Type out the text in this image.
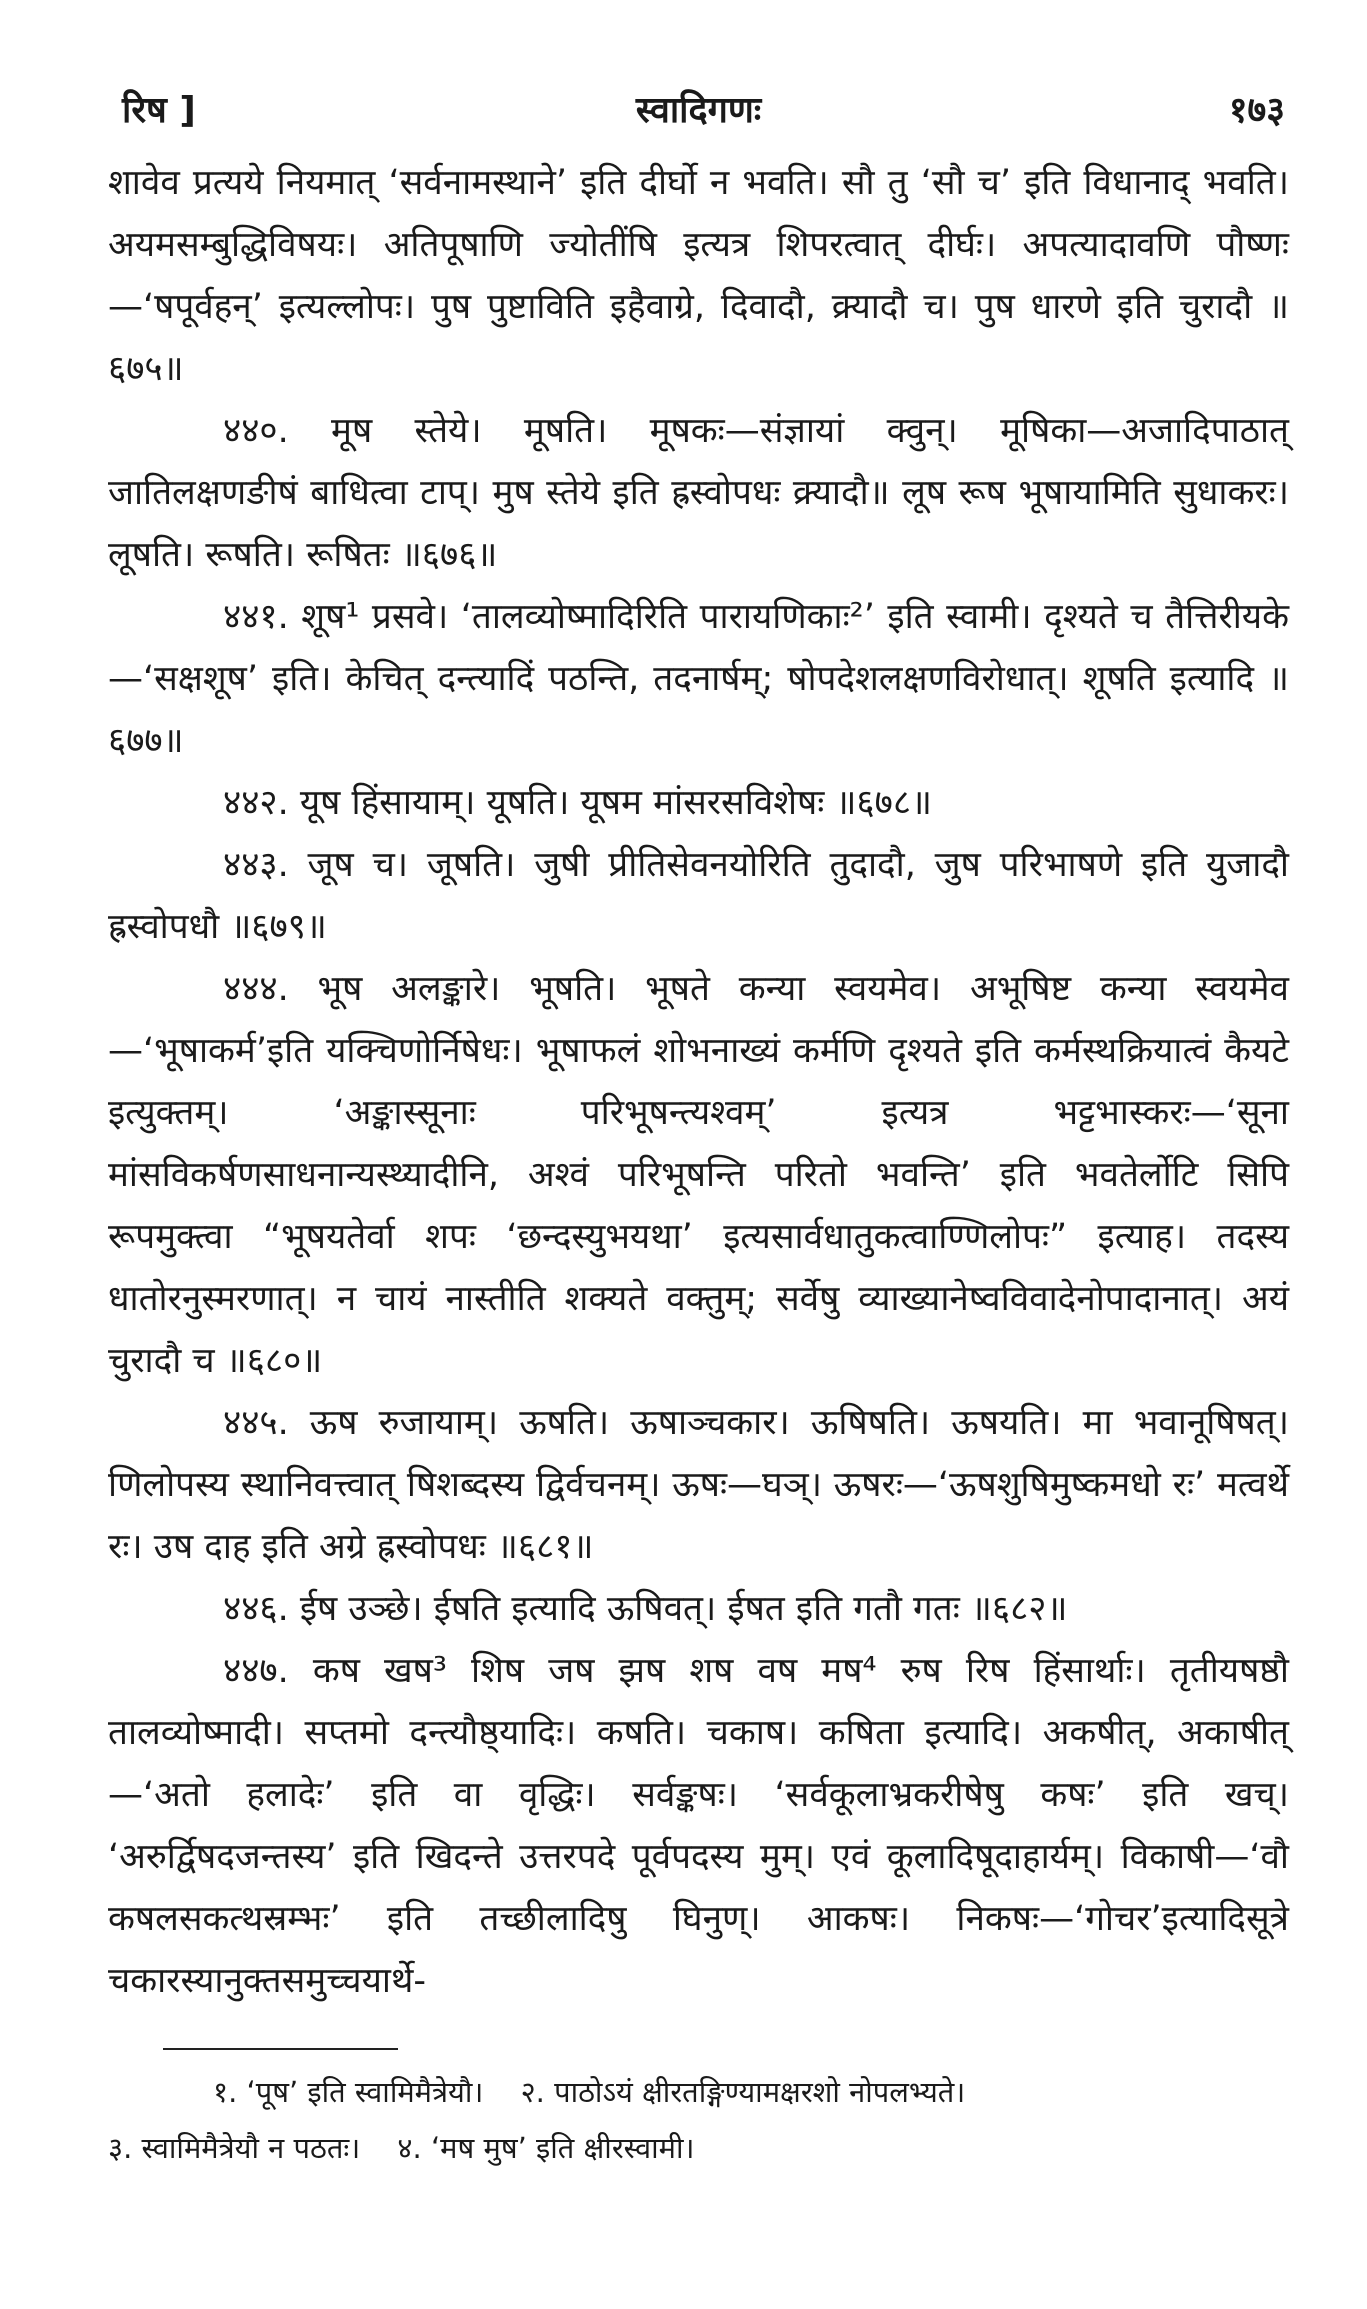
रिष ]	स्वादिगणः	१७३

शावेव प्रत्यये नियमात् ‘सर्वनामस्थाने’ इति दीर्घो न भवति। सौ तु ‘सौ च’ इति विधानाद् भवति। अयमसम्बुद्धिविषयः। अतिपूषाणि ज्योतींषि इत्यत्र शिपरत्वात् दीर्घः। अपत्यादावणि पौष्णः—‘षपूर्वहन्’ इत्यल्लोपः। पुष पुष्टाविति इहैवाग्रे, दिवादौ, क्र्यादौ च। पुष धारणे इति चुरादौ ॥६७५॥

४४०. मूष स्तेये। मूषति। मूषकः—संज्ञायां क्वुन्। मूषिका—अजादिपाठात् जातिलक्षणङीषं बाधित्वा टाप्। मुष स्तेये इति ह्रस्वोपधः क्र्यादौ॥ लूष रूष भूषायामिति सुधाकरः। लूषति। रूषति। रूषितः ॥६७६॥

४४१. शूष¹ प्रसवे। ‘तालव्योष्मादिरिति पारायणिकाः²’ इति स्वामी। दृश्यते च तैत्तिरीयके—‘सक्षशूष’ इति। केचित् दन्त्यादिं पठन्ति, तदनार्षम्; षोपदेशलक्षणविरोधात्। शूषति इत्यादि ॥६७७॥

४४२. यूष हिंसायाम्। यूषति। यूषम मांसरसविशेषः ॥६७८॥

४४३. जूष च। जूषति। जुषी प्रीतिसेवनयोरिति तुदादौ, जुष परिभाषणे इति युजादौ ह्रस्वोपधौ ॥६७९॥

४४४. भूष अलङ्कारे। भूषति। भूषते कन्या स्वयमेव। अभूषिष्ट कन्या स्वयमेव—‘भूषाकर्म’इति यक्चिणोर्निषेधः। भूषाफलं शोभनाख्यं कर्मणि दृश्यते इति कर्मस्थक्रियात्वं कैयटे इत्युक्तम्। ‘अङ्कास्सूनाः परिभूषन्त्यश्वम्’ इत्यत्र भट्टभास्करः—‘सूना मांसविकर्षणसाधनान्यस्थ्यादीनि, अश्वं परिभूषन्ति परितो भवन्ति’ इति भवतेर्लोटि सिपि रूपमुक्त्वा “भूषयतेर्वा शपः ‘छन्दस्युभयथा’ इत्यसार्वधातुकत्वाण्णिलोपः” इत्याह। तदस्य धातोरनुस्मरणात्। न चायं नास्तीति शक्यते वक्तुम्; सर्वेषु व्याख्यानेष्वविवादेनोपादानात्। अयं चुरादौ च ॥६८०॥

४४५. ऊष रुजायाम्। ऊषति। ऊषाञ्चकार। ऊषिषति। ऊषयति। मा भवानूषिषत्। णिलोपस्य स्थानिवत्त्वात् षिशब्दस्य द्विर्वचनम्। ऊषः—घञ्। ऊषरः—‘ऊषशुषिमुष्कमधो रः’ मत्वर्थे रः। उष दाह इति अग्रे ह्रस्वोपधः ॥६८१॥

४४६. ईष उञ्छे। ईषति इत्यादि ऊषिवत्। ईषत इति गतौ गतः ॥६८२॥

४४७. कष खष³ शिष जष झष शष वष मष⁴ रुष रिष हिंसार्थाः। तृतीयषष्ठौ तालव्योष्मादी। सप्तमो दन्त्यौष्ठ्यादिः। कषति। चकाष। कषिता इत्यादि। अकषीत्, अकाषीत्—‘अतो हलादेः’ इति वा वृद्धिः। सर्वङ्कषः। ‘सर्वकूलाभ्रकरीषेषु कषः’ इति खच्। ‘अरुर्द्विषदजन्तस्य’ इति खिदन्ते उत्तरपदे पूर्वपदस्य मुम्। एवं कूलादिषूदाहार्यम्। विकाषी—‘वौ कषलसकत्थस्रम्भः’ इति तच्छीलादिषु घिनुण्। आकषः। निकषः—‘गोचर’इत्यादिसूत्रे चकारस्यानुक्तसमुच्चयार्थे-

१. ‘पूष’ इति स्वामिमैत्रेयौ। २. पाठोऽयं क्षीरतङ्गिण्यामक्षरशो नोपलभ्यते।
३. स्वामिमैत्रेयौ न पठतः। ४. ‘मष मुष’ इति क्षीरस्वामी।
